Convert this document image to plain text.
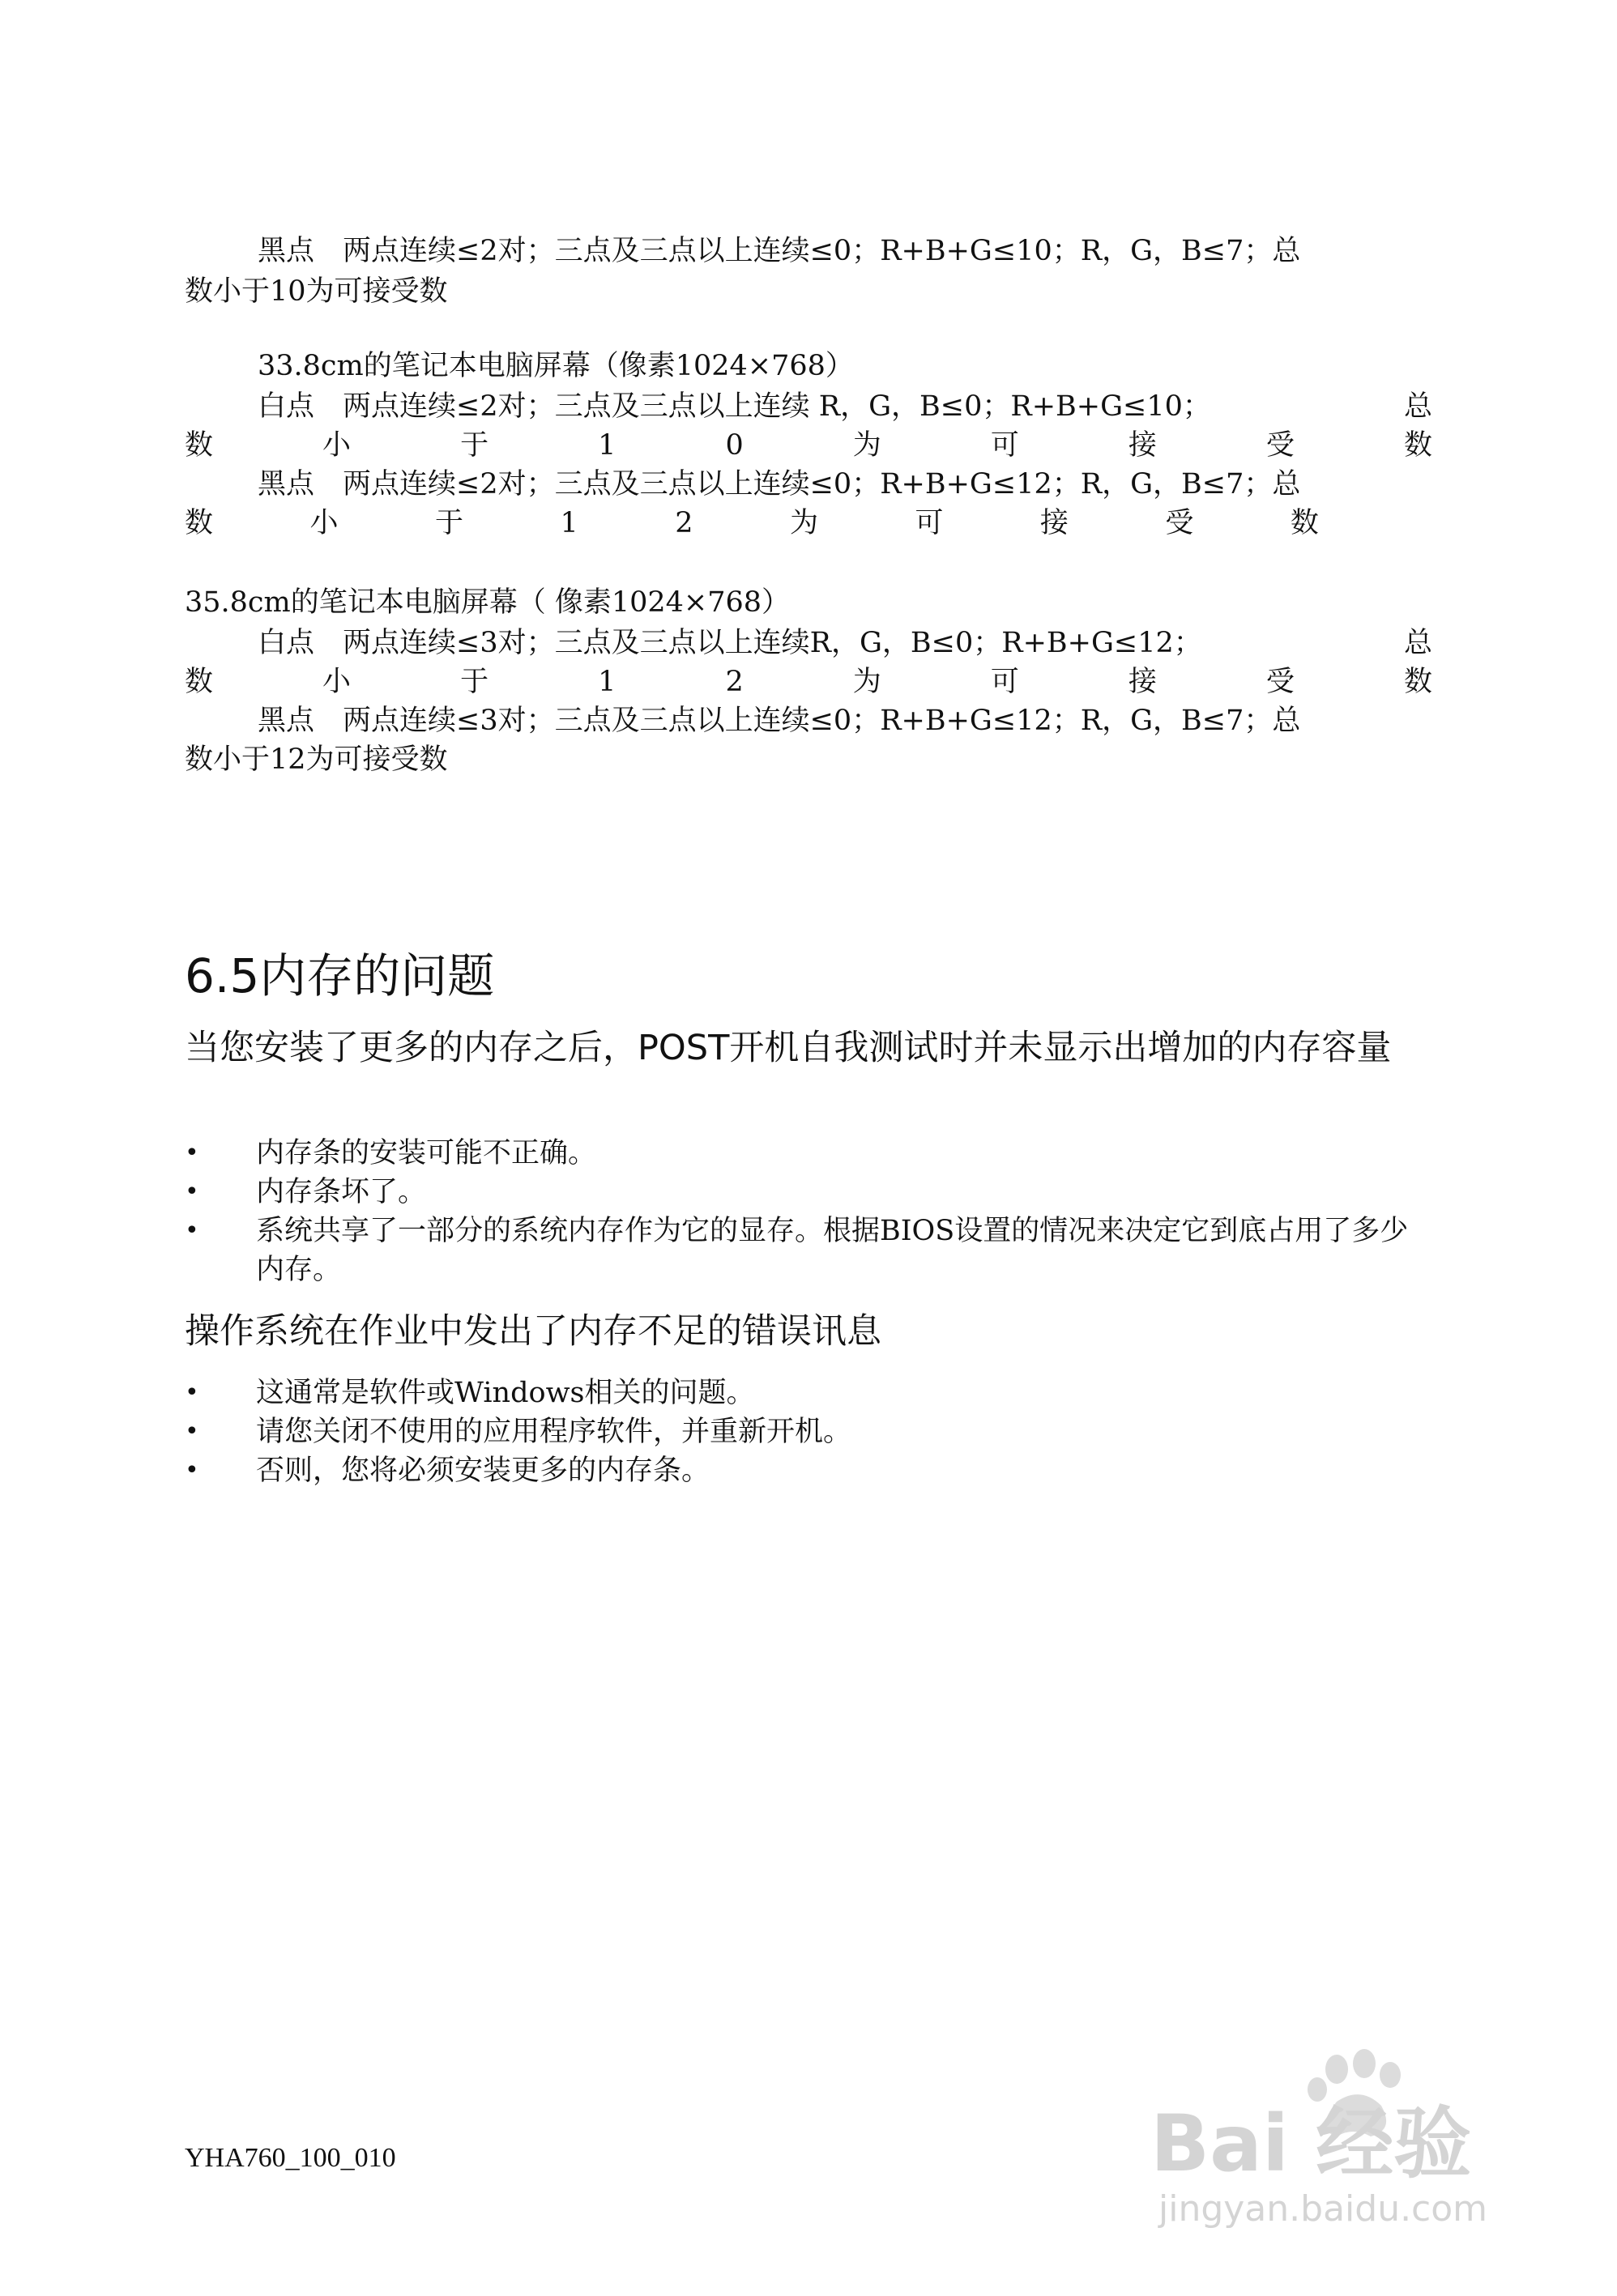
黑点　两点连续≤2对；三点及三点以上连续≤0；R+B+G≤10；R，G，B≤7；总
数小于10为可接受数
33.8cm的笔记本电脑屏幕（像素1024×768）
白点　两点连续≤2对；三点及三点以上连续 R，G，B≤0；R+B+G≤10；	总
数	小	于	1	0	为	可	接	受	数
黑点　两点连续≤2对；三点及三点以上连续≤0；R+B+G≤12；R，G，B≤7；总
数	小	于	1	2	为	可	接	受	数
35.8cm的笔记本电脑屏幕（ 像素1024×768）
白点　两点连续≤3对；三点及三点以上连续R，G，B≤0；R+B+G≤12；	总
数	小	于	1	2	为	可	接	受	数
黑点　两点连续≤3对；三点及三点以上连续≤0；R+B+G≤12；R，G，B≤7；总
数小于12为可接受数
6.5内存的问题
当您安装了更多的内存之后，POST开机自我测试时并未显示出增加的内存容量
• 内存条的安装可能不正确。
• 内存条坏了。
• 系统共享了一部分的系统内存作为它的显存。根据BIOS设置的情况来决定它到底占用了多少内存。
操作系统在作业中发出了内存不足的错误讯息
• 这通常是软件或Windows相关的问题。
• 请您关闭不使用的应用程序软件，并重新开机。
• 否则，您将必须安装更多的内存条。
YHA760_100_010	Bai 经验
jingyan.baidu.com
